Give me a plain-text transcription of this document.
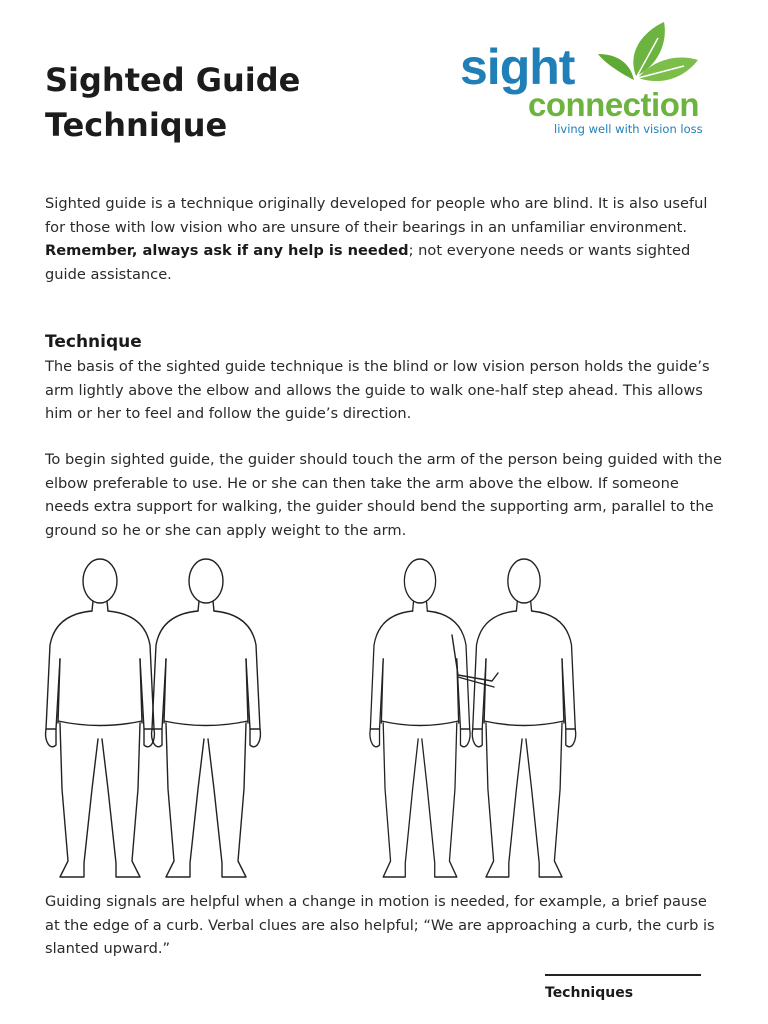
Sighted Guide
Technique
sight
connection
living well with vision loss

Sighted guide is a technique originally developed for people who are blind. It is also useful for those with low vision who are unsure of their bearings in an unfamiliar environment. Remember, always ask if any help is needed; not everyone needs or wants sighted guide assistance.

Technique

The basis of the sighted guide technique is the blind or low vision person holds the guide’s arm lightly above the elbow and allows the guide to walk one-half step ahead. This allows him or her to feel and follow the guide’s direction.

To begin sighted guide, the guider should touch the arm of the person being guided with the elbow preferable to use. He or she can then take the arm above the elbow. If someone needs extra support for walking, the guider should bend the supporting arm, parallel to the ground so he or she can apply weight to the arm.

Guiding signals are helpful when a change in motion is needed, for example, a brief pause at the edge of a curb. Verbal clues are also helpful; “We are approaching a curb, the curb is slanted upward.”

Techniques
